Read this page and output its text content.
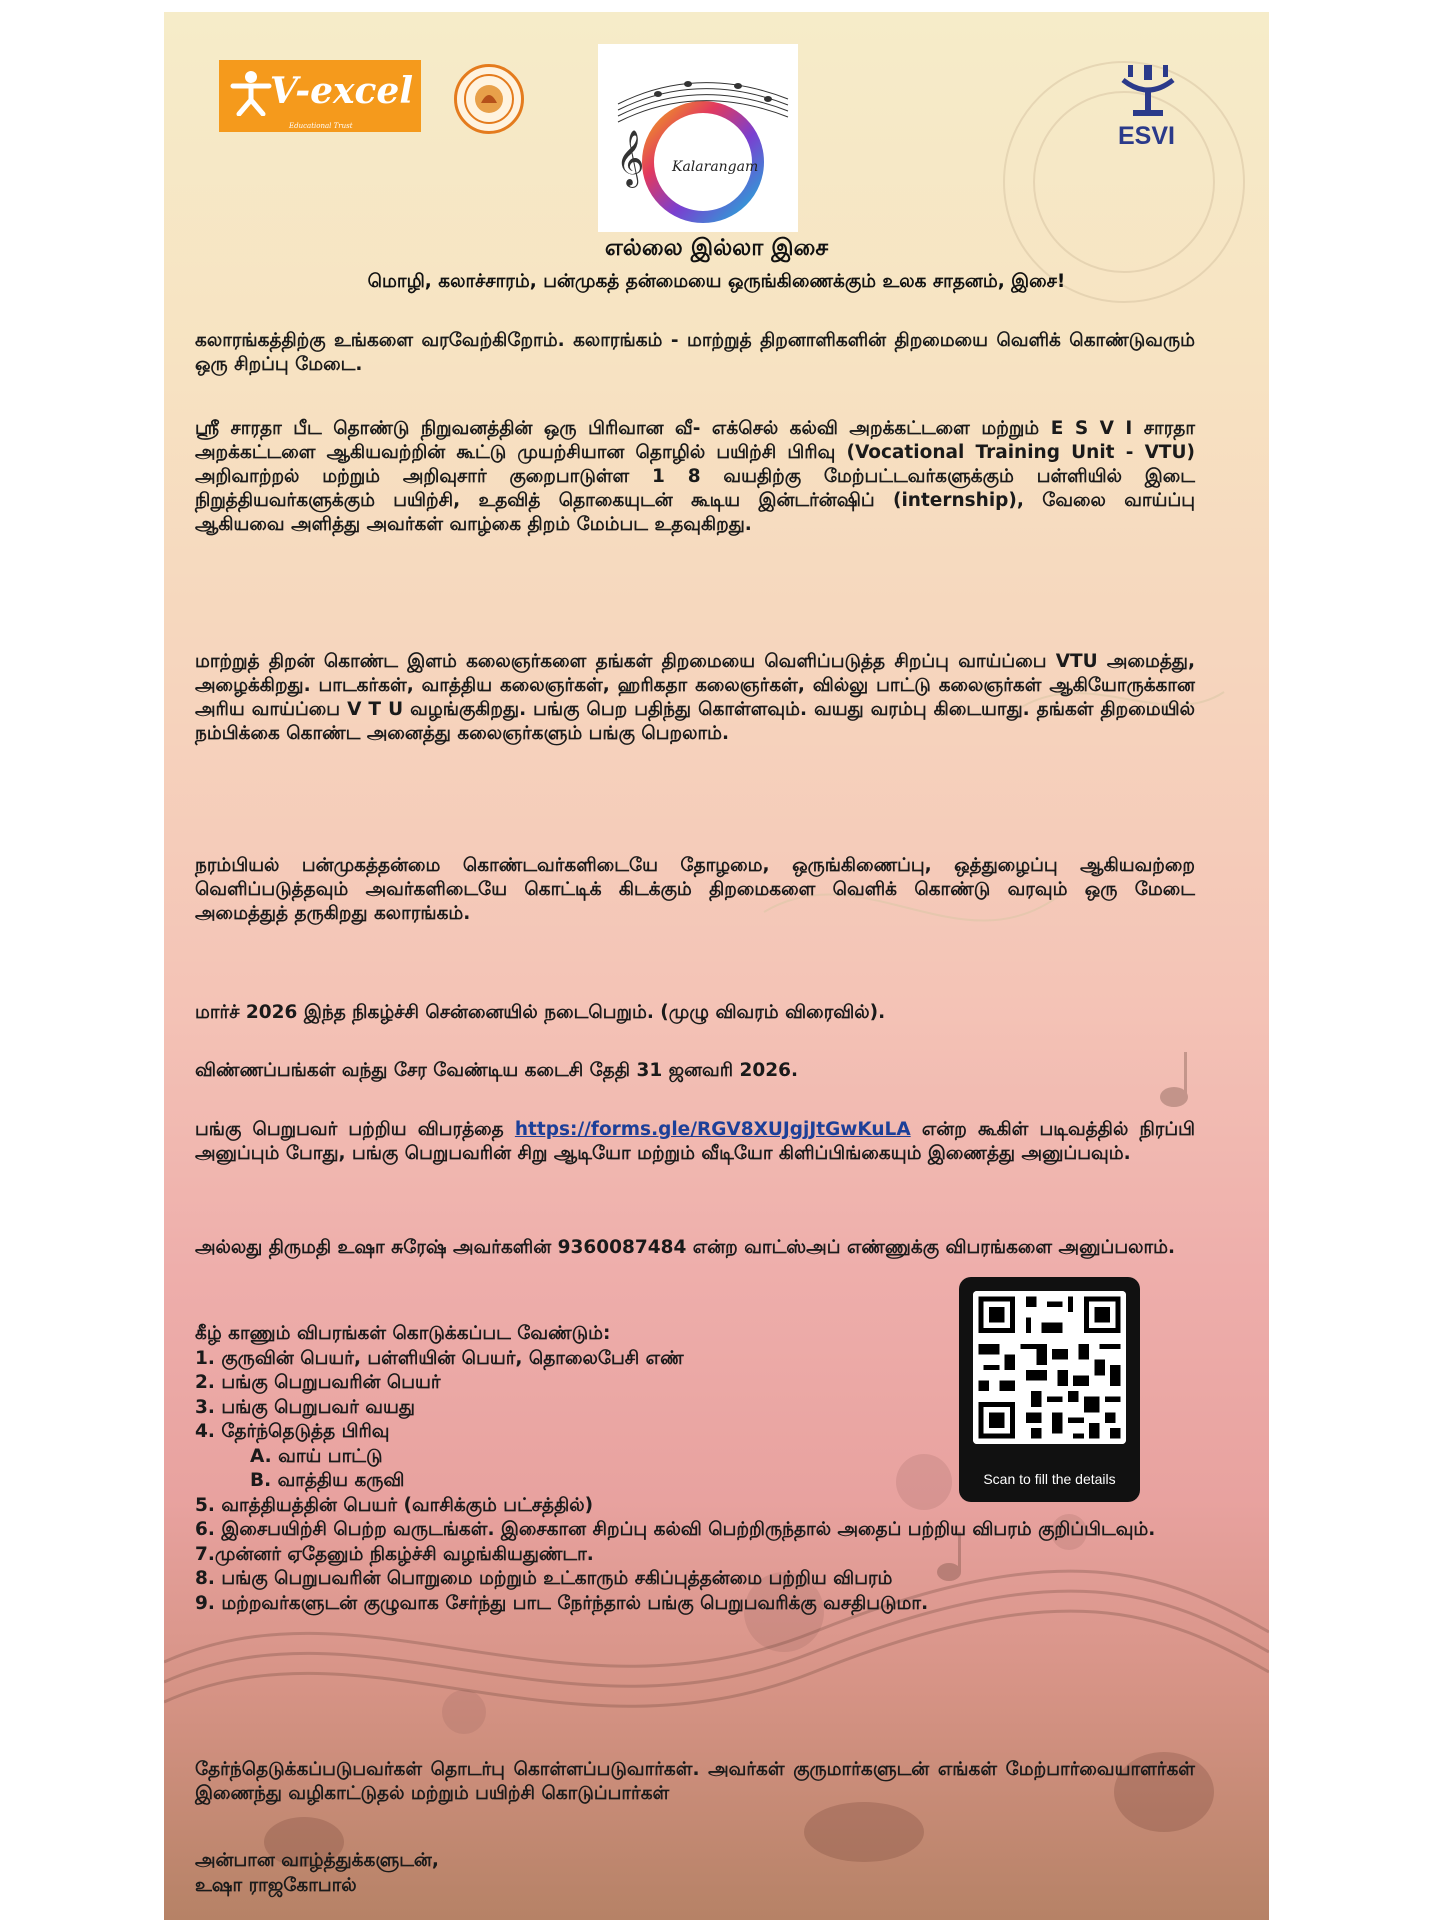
V-excel
Educational Trust
𝄞 Kalarangam
ESVI

எல்லை இல்லா இசை

மொழி, கலாச்சாரம், பன்முகத் தன்மையை ஒருங்கிணைக்கும் உலக சாதனம், இசை!

கலாரங்கத்திற்கு உங்களை வரவேற்கிறோம். கலாரங்கம் - மாற்றுத் திறனாளிகளின் திறமையை வெளிக் கொண்டுவரும் ஒரு சிறப்பு மேடை.

ஸ்ரீ சாரதா பீட தொண்டு நிறுவனத்தின் ஒரு பிரிவான வீ- எக்செல் கல்வி அறக்கட்டளை மற்றும் E S V I சாரதா அறக்கட்டளை ஆகியவற்றின் கூட்டு முயற்சியான தொழில் பயிற்சி பிரிவு (Vocational Training Unit - VTU) அறிவாற்றல் மற்றும் அறிவுசார் குறைபாடுள்ள 1 8 வயதிற்கு மேற்பட்டவர்களுக்கும் பள்ளியில் இடை நிறுத்தியவர்களுக்கும் பயிற்சி, உதவித் தொகையுடன் கூடிய இன்டர்ன்ஷிப் (internship), வேலை வாய்ப்பு ஆகியவை அளித்து அவர்கள் வாழ்கை திறம் மேம்பட உதவுகிறது.

மாற்றுத் திறன் கொண்ட இளம் கலைஞர்களை தங்கள் திறமையை வெளிப்படுத்த சிறப்பு வாய்ப்பை VTU அமைத்து, அழைக்கிறது. பாடகர்கள், வாத்திய கலைஞர்கள், ஹரிகதா கலைஞர்கள், வில்லு பாட்டு கலைஞர்கள் ஆகியோருக்கான அரிய வாய்ப்பை V T U வழங்குகிறது. பங்கு பெற பதிந்து கொள்ளவும். வயது வரம்பு கிடையாது. தங்கள் திறமையில் நம்பிக்கை கொண்ட அனைத்து கலைஞர்களும் பங்கு பெறலாம்.

நரம்பியல் பன்முகத்தன்மை கொண்டவர்களிடையே தோழமை, ஒருங்கிணைப்பு, ஒத்துழைப்பு ஆகியவற்றை வெளிப்படுத்தவும் அவர்களிடையே கொட்டிக் கிடக்கும் திறமைகளை வெளிக் கொண்டு வரவும் ஒரு மேடை அமைத்துத் தருகிறது கலாரங்கம்.

மார்ச் 2026 இந்த நிகழ்ச்சி சென்னையில் நடைபெறும். (முழு விவரம் விரைவில்).

விண்ணப்பங்கள் வந்து சேர வேண்டிய கடைசி தேதி 31 ஜனவரி 2026.

பங்கு பெறுபவர் பற்றிய விபரத்தை https://forms.gle/RGV8XUJgjJtGwKuLA என்ற கூகிள் படிவத்தில் நிரப்பி அனுப்பும் போது, பங்கு பெறுபவரின் சிறு ஆடியோ மற்றும் வீடியோ கிளிப்பிங்கையும் இணைத்து அனுப்பவும்.

அல்லது திருமதி உஷா சுரேஷ் அவர்களின் 9360087484 என்ற வாட்ஸ்அப் எண்ணுக்கு விபரங்களை அனுப்பலாம்.

கீழ் காணும் விபரங்கள் கொடுக்கப்பட வேண்டும்:
1. குருவின் பெயர், பள்ளியின் பெயர், தொலைபேசி எண்
2. பங்கு பெறுபவரின் பெயர்
3. பங்கு பெறுபவர் வயது
4. தேர்ந்தெடுத்த பிரிவு
A. வாய் பாட்டு
B. வாத்திய கருவி
5. வாத்தியத்தின் பெயர் (வாசிக்கும் பட்சத்தில்)
6. இசைபயிற்சி பெற்ற வருடங்கள். இசைகான சிறப்பு கல்வி பெற்றிருந்தால் அதைப் பற்றிய விபரம் குறிப்பிடவும்.
7.முன்னர் ஏதேனும் நிகழ்ச்சி வழங்கியதுண்டா.
8. பங்கு பெறுபவரின் பொறுமை மற்றும் உட்காரும் சகிப்புத்தன்மை பற்றிய விபரம்
9. மற்றவர்களுடன் குழுவாக சேர்ந்து பாட நேர்ந்தால் பங்கு பெறுபவரிக்கு வசதிபடுமா.
Scan to fill the details

தேர்ந்தெடுக்கப்படுபவர்கள் தொடர்பு கொள்ளப்படுவார்கள். அவர்கள் குருமார்களுடன் எங்கள் மேற்பார்வையாளர்கள் இணைந்து வழிகாட்டுதல் மற்றும் பயிற்சி கொடுப்பார்கள்

அன்பான வாழ்த்துக்களுடன்,
உஷா ராஜகோபால்
